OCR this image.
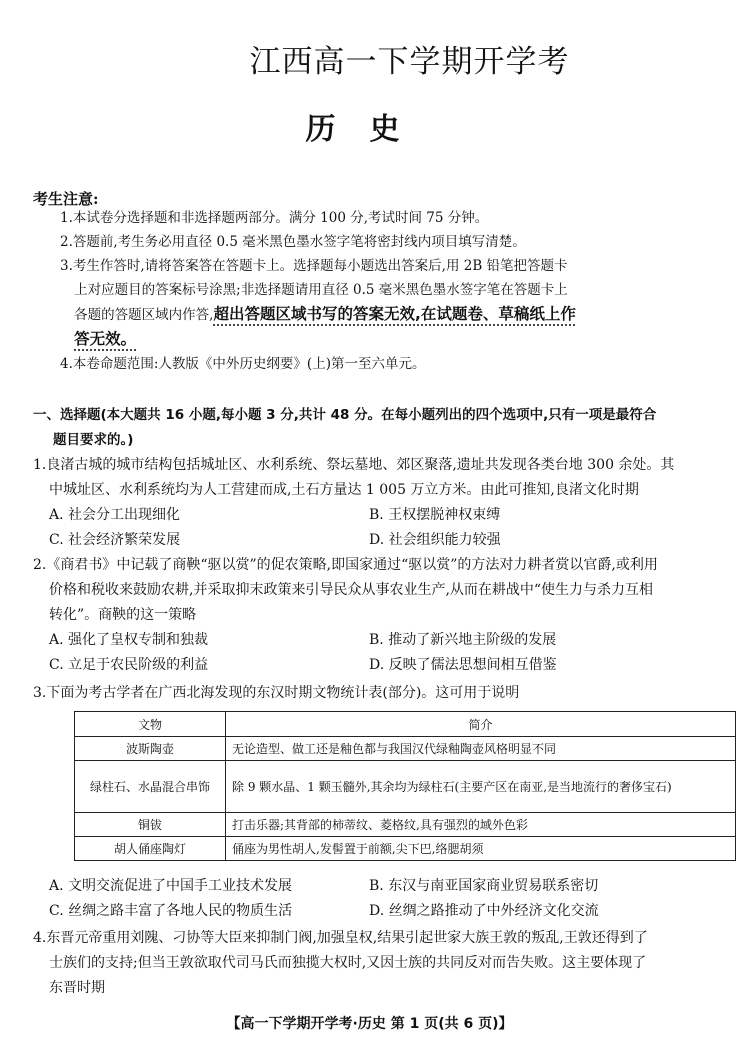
江西高一下学期开学考
历史
考生注意:

1.本试卷分选择题和非选择题两部分。满分 100 分,考试时间 75 分钟。

2.答题前,考生务必用直径 0.5 毫米黑色墨水签字笔将密封线内项目填写清楚。

3.考生作答时,请将答案答在答题卡上。选择题每小题选出答案后,用 2B 铅笔把答题卡上对应题目的答案标号涂黑;非选择题请用直径 0.5 毫米黑色墨水签字笔在答题卡上各题的答题区域内作答,超出答题区域书写的答案无效,在试题卷、草稿纸上作答无效。

4.本卷命题范围:人教版《中外历史纲要》(上)第一至六单元。

一、选择题(本大题共 16 小题,每小题 3 分,共计 48 分。在每小题列出的四个选项中,只有一项是最符合
题目要求的。)

1.良渚古城的城市结构包括城址区、水利系统、祭坛墓地、郊区聚落,遗址共发现各类台地 300 余处。其

中城址区、水利系统均为人工营建而成,土石方量达 1 005 万立方米。由此可推知,良渚文化时期

A. 社会分工出现细化	B. 王权摆脱神权束缚
C. 社会经济繁荣发展	D. 社会组织能力较强

2.《商君书》中记载了商鞅“驱以赏”的促农策略,即国家通过“驱以赏”的方法对力耕者赏以官爵,或利用

价格和税收来鼓励农耕,并采取抑末政策来引导民众从事农业生产,从而在耕战中“使生力与杀力互相

转化”。商鞅的这一策略

A. 强化了皇权专制和独裁	B. 推动了新兴地主阶级的发展
C. 立足于农民阶级的利益	D. 反映了儒法思想间相互借鉴

3.下面为考古学者在广西北海发现的东汉时期文物统计表(部分)。这可用于说明

文物	简介
波斯陶壶	无论造型、做工还是釉色都与我国汉代绿釉陶壶风格明显不同
绿柱石、水晶混合串饰	除 9 颗水晶、1 颗玉髓外,其余均为绿柱石(主要产区在南亚,是当地流行的奢侈宝石)
铜钹	打击乐器;其背部的柿蒂纹、菱格纹,具有强烈的域外色彩
胡人俑座陶灯	俑座为男性胡人,发髻置于前额,尖下巴,络腮胡须
A. 文明交流促进了中国手工业技术发展	B. 东汉与南亚国家商业贸易联系密切
C. 丝绸之路丰富了各地人民的物质生活	D. 丝绸之路推动了中外经济文化交流

4.东晋元帝重用刘隗、刁协等大臣来抑制门阀,加强皇权,结果引起世家大族王敦的叛乱,王敦还得到了

士族们的支持;但当王敦欲取代司马氏而独揽大权时,又因士族的共同反对而告失败。这主要体现了

东晋时期

【高一下学期开学考·历史 第 1 页(共 6 页)】
